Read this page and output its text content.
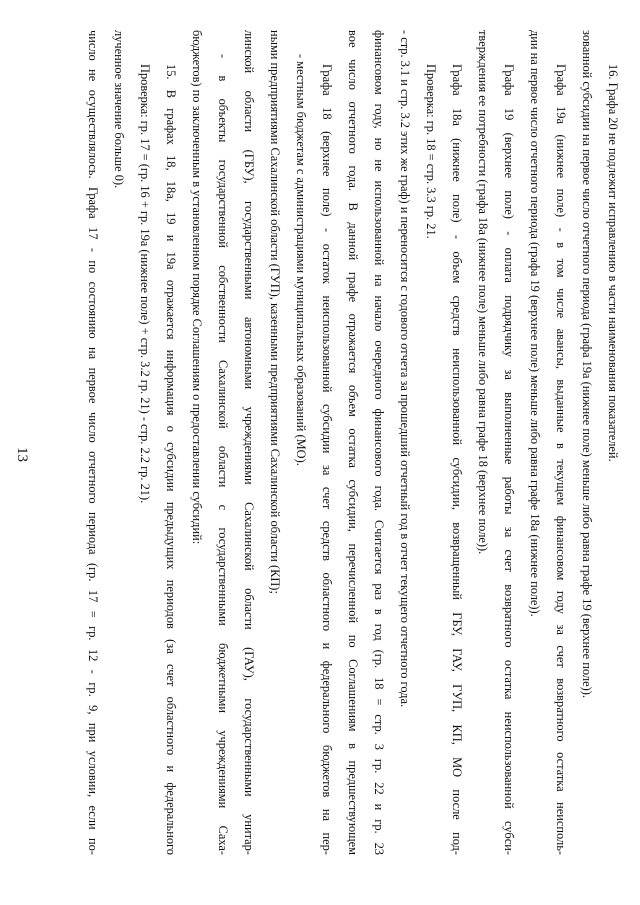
13	число не осуществлялось. Графа 17 - по состоянию на первое число отчетного периода (гр. 17 = гр. 12 - гр. 9, при условии, если по- лученное значение больше 0). Проверка: гр. 17 = (гр. 16 + гр. 19а (нижнее поле) + стр. 3.2 гр. 21) - стр. 2.2 гр. 21). 15. В графах 18, 18а, 19 и 19а отражается информация о субсидии предыдущих периодов (за счет областного и федерального бюджетов) по заключенным в установленном порядке Соглашениям о предоставлении субсидий: - в объекты государственной собственности Сахалинской области с государственными бюджетными учреждениями Саха- линской области (ГБУ), государственными автономными учреждениями Сахалинской области (ГАУ), государственными унитар- ными предприятиями Сахалинской области (ГУП), казенными предприятиями Сахалинской области (КП); - местным бюджетам с администрациями муниципальных образований (МО). Графа 18 (верхнее поле) - остаток неиспользованной субсидии за счет средств областного и федерального бюджетов на пер- вое число отчетного года. В данной графе отражается объем остатка субсидии, перечисленной по Соглашениям в предшествующем финансовом году, но не использованной на начало очередного финансового года. Считается раз в год (гр. 18 = стр. 3 гр. 22 и гр. 23 - стр. 3.1 и стр. 3.2 этих же граф) и переносится с годового отчета за прошедший отчетный год в отчет текущего отчетного года. Проверка: гр. 18 = стр. 3.3 гр. 21. Графа 18а (нижнее поле) - объем средств неиспользованной субсидии, возвращенный ГБУ, ГАУ, ГУП, КП, МО после под- тверждения ее потребности (графа 18а (нижнее поле) меньше либо равна графе 18 (верхнее поле)). Графа 19 (верхнее поле) - оплата подрядчику за выполненные работы за счет возвратного остатка неиспользованной субси- дии на первое число отчетного периода (графа 19 (верхнее поле) меньше либо равна графе 18а (нижнее поле)). Графа 19а (нижнее поле) - в том числе авансы, выданные в текущем финансовом году за счет возвратного остатка неисполь- зованной субсидии на первое число отчетного периода (графа 19а (нижнее поле) меньше либо равна графе 19 (верхнее поле)). 16. Графа 20 не подлежит исправлению в части наименования показателей.
